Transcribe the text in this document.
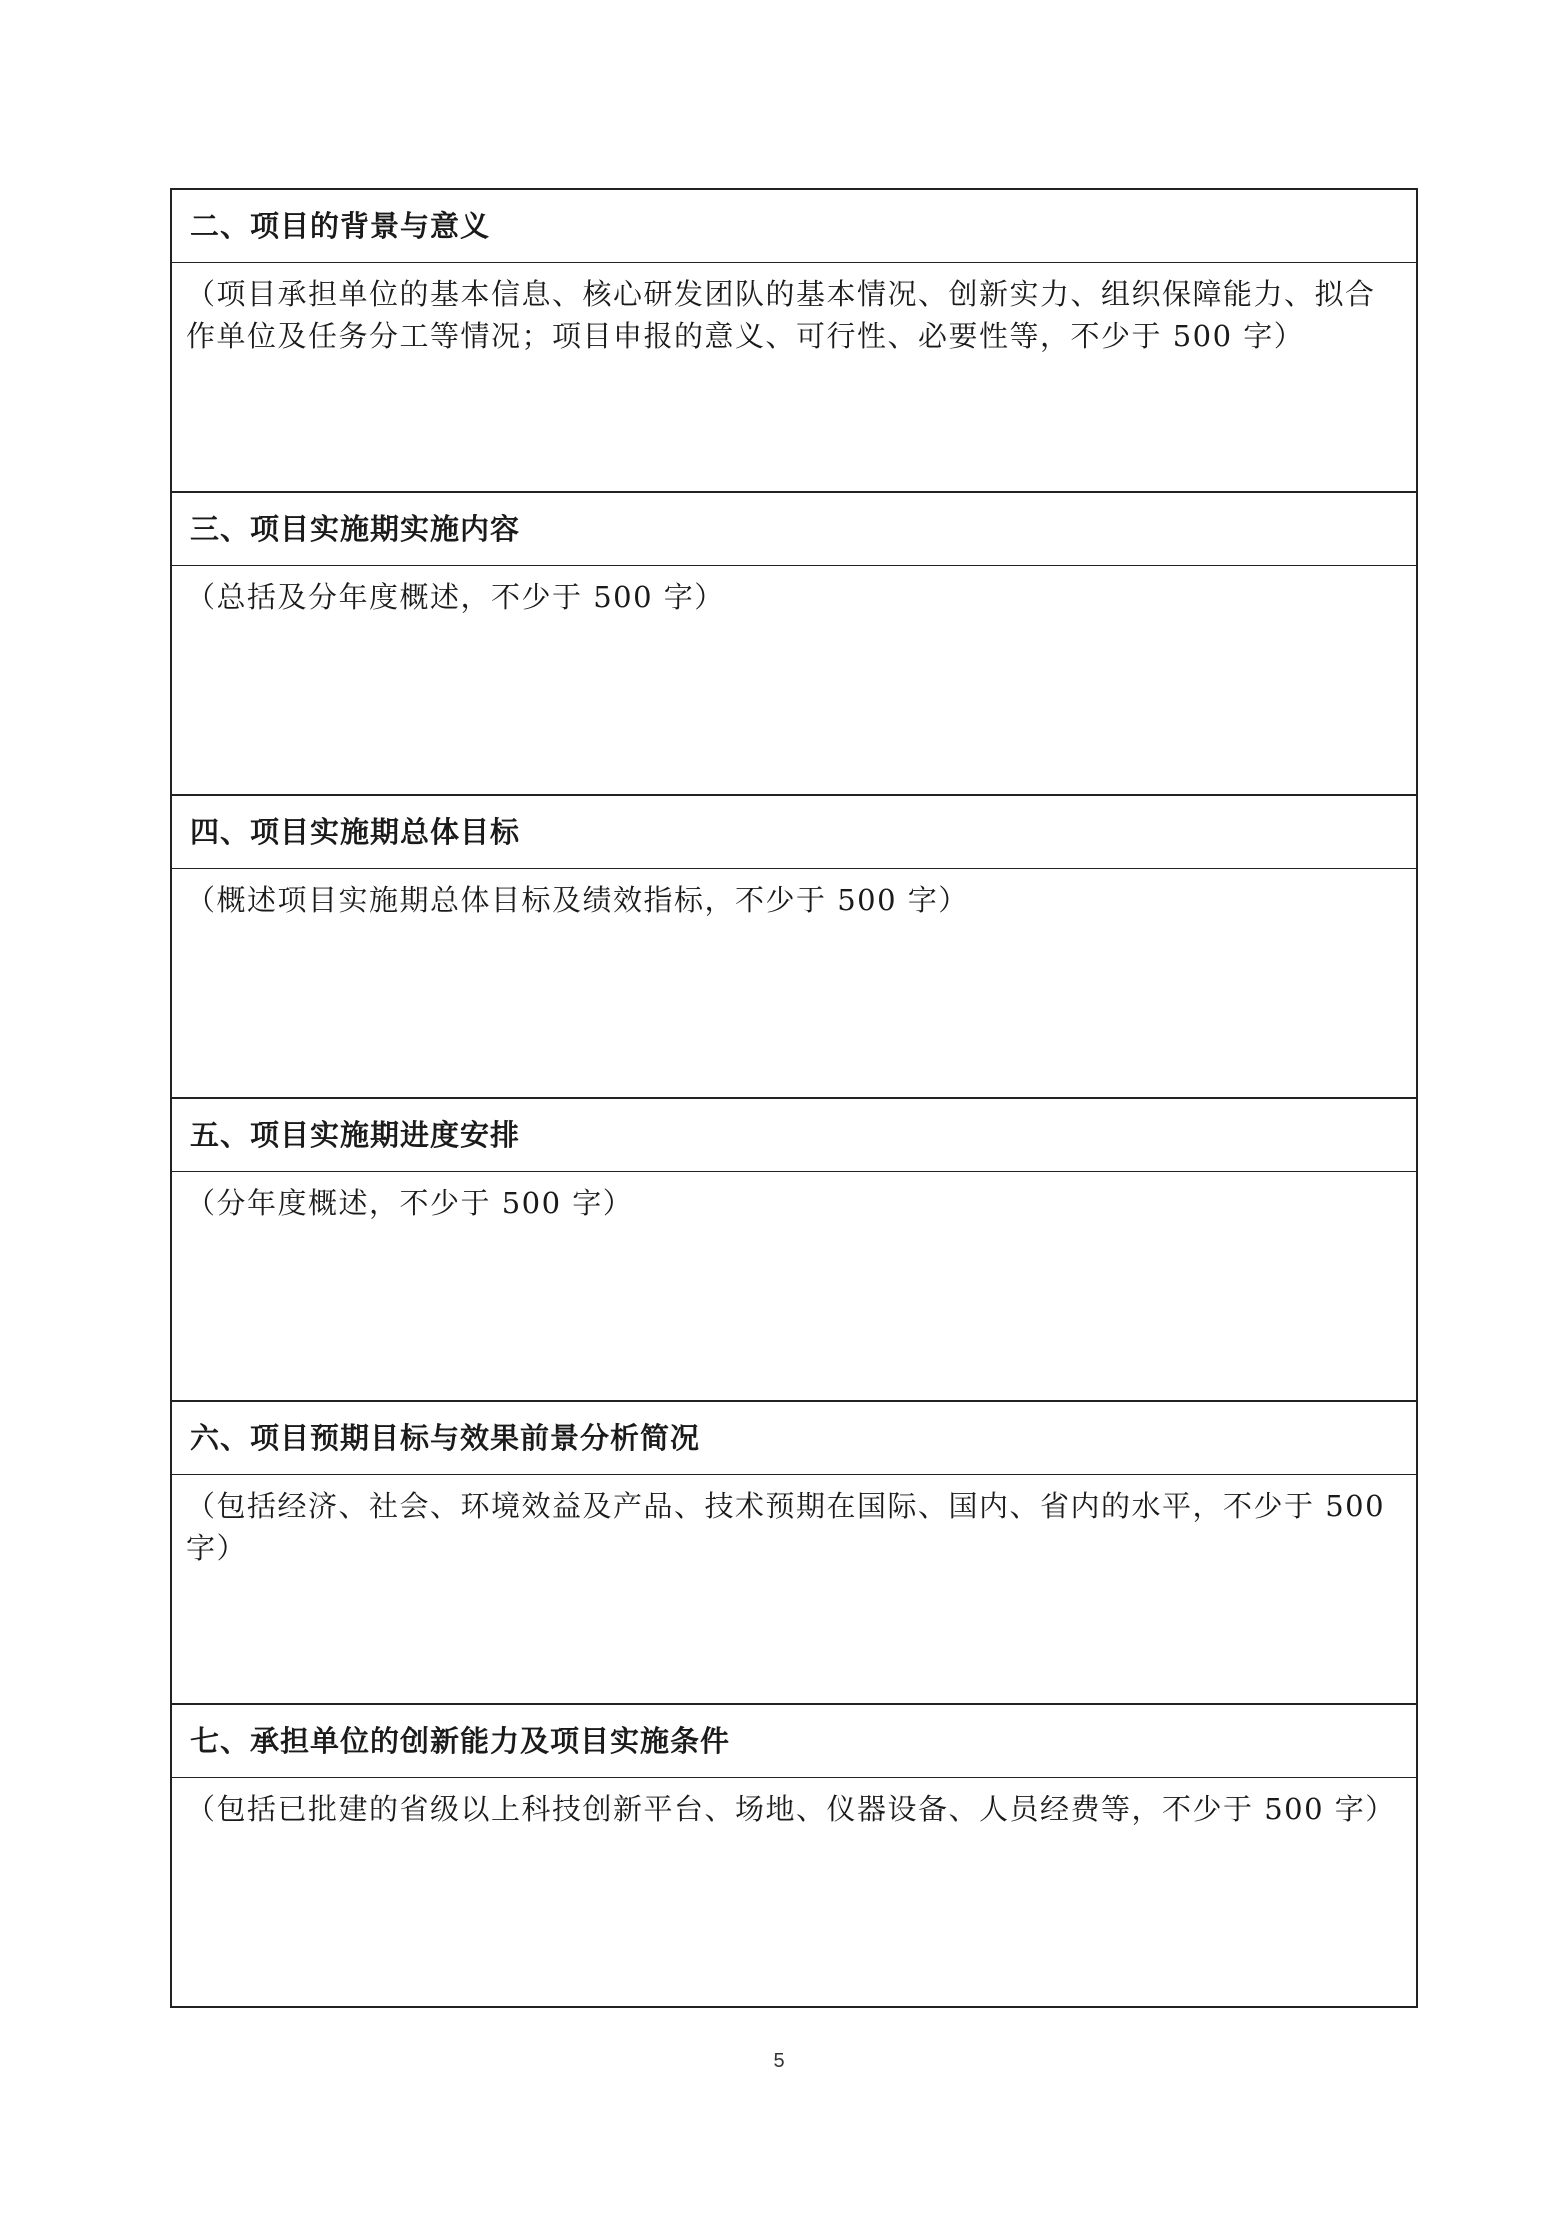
二、项目的背景与意义
（项目承担单位的基本信息、核心研发团队的基本情况、创新实力、组织保障能力、拟合作单位及任务分工等情况；项目申报的意义、可行性、必要性等，不少于 500 字）
三、项目实施期实施内容
（总括及分年度概述，不少于 500 字）
四、项目实施期总体目标
（概述项目实施期总体目标及绩效指标，不少于 500 字）
五、项目实施期进度安排
（分年度概述，不少于 500 字）
六、项目预期目标与效果前景分析简况
（包括经济、社会、环境效益及产品、技术预期在国际、国内、省内的水平，不少于 500 字）
七、承担单位的创新能力及项目实施条件
（包括已批建的省级以上科技创新平台、场地、仪器设备、人员经费等，不少于 500 字）
5
